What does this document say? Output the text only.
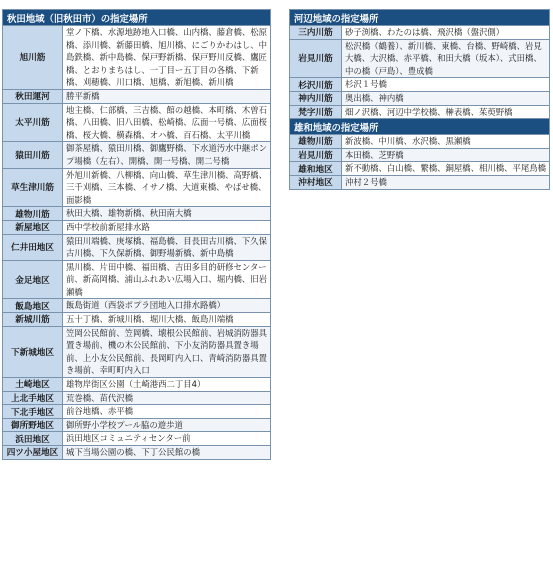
秋田地域（旧秋田市）の指定場所	
旭川筋	堂ノ下橋、水源地跡地入口橋、山内橋、藤倉橋、松原橋、添川橋、新藤田橋、旭川橋、にごりかわはし、中島鉄橋、新中島橋、保戸野新橋、保戸野川反橋、鷹匠橋、とおりまちはし、一丁目ー五丁目の各橋、下新橋、刈穂橋、川口橋、旭橋、新旭橋、新川橋
秋田運河	勝平新橋
太平川筋	地主橋、仁部橋、三吉橋、館の越橋、本町橋、木曽石橋、八田橋、旧八田橋、松崎橋、広面一号橋、広面桜橋、桜大橋、横森橋、オハ橋、百石橋、太平川橋
猿田川筋	御茶屋橋、猿田川橋、御鷹野橋、下水道汚水中継ポンプ場橋（左右）、開橋、開一号橋、開二号橋
草生津川筋	外旭川新橋、八柳橋、向山橋、草生津川橋、高野橋、三千刈橋、三本橋、イサノ橋、大道東橋、やばせ橋、面影橋
雄物川筋	秋田大橋、雄物新橋、秋田南大橋
新屋地区	西中学校前新屋排水路
仁井田地区	猿田川端橋、庚塚橋、福島橋、目長田古川橋、下久保古川橋、下久保新橋、御野場新橋、新中島橋
金足地区	黒川橋、片田中橋、福田橋、吉田多目的研修センター前、新高岡橋、浦山ふれあい広場入口、堀内橋、旧岩瀬橋
飯島地区	飯島街道（西袋ポプラ団地入口排水路橋）
新城川筋	五十丁橋、新城川橋、堀川大橋、飯島川端橋
下新城地区	笠岡公民館前、笠岡橋、壊根公民館前、岩城消防器具置き場前、機の木公民館前、下小友消防器具置き場前、上小友公民館前、長岡町内入口、青崎消防器具置き場前、幸町町内入口
土崎地区	雄物岸街区公園（土崎港西二丁目4）
上北手地区	荒巻橋、苗代沢橋
下北手地区	前谷地橋、赤平橋
御所野地区	御所野小学校プール脇の遊歩道
浜田地区	浜田地区コミュニティセンター前
四ツ小屋地区	城下当場公園の橋、下丁公民館の橋
河辺地域の指定場所	
三内川筋	砂子渕橋、わたのは橋、飛沢橋（盤沢側）
岩見川筋	松沢橋（鶴養）、新川橋、東橋、台橋、野崎橋、岩見大橋、大沢橋、赤平橋、和田大橋（坂本）、式田橋、中の橋（戸島）、豊成橋
杉沢川筋	杉沢１号橋
神内川筋	奥出橋、神内橋
梵字川筋	畑ノ沢橋、河辺中学校橋、榊表橋、茱萸野橋
雄和地域の指定場所	
雄物川筋	新波橋、中川橋、水沢橋、黒瀬橋
岩見川筋	本田橋、芝野橋
雄和地区	新不動橋、白山橋、繋橋、銅屋橋、相川橋、平尾鳥橋
沖村地区	沖村２号橋
